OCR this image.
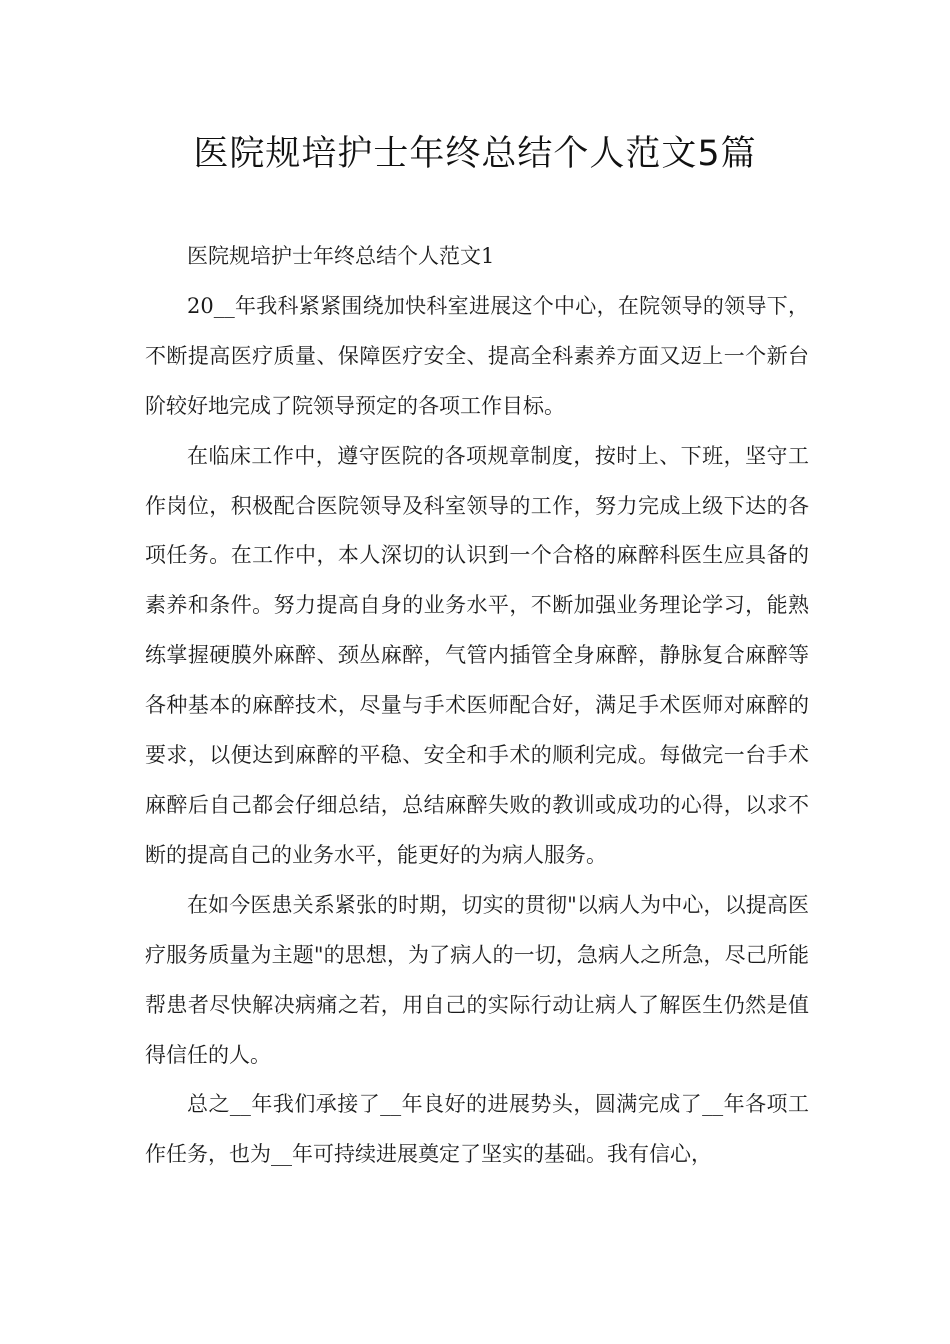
医院规培护士年终总结个人范文5篇

医院规培护士年终总结个人范文1

20__年我科紧紧围绕加快科室进展这个中心，在院领导的领导下，不断提高医疗质量、保障医疗安全、提高全科素养方面又迈上一个新台阶较好地完成了院领导预定的各项工作目标。

在临床工作中，遵守医院的各项规章制度，按时上、下班，坚守工作岗位，积极配合医院领导及科室领导的工作，努力完成上级下达的各项任务。在工作中，本人深切的认识到一个合格的麻醉科医生应具备的素养和条件。努力提高自身的业务水平，不断加强业务理论学习，能熟练掌握硬膜外麻醉、颈丛麻醉，气管内插管全身麻醉，静脉复合麻醉等各种基本的麻醉技术，尽量与手术医师配合好，满足手术医师对麻醉的要求，以便达到麻醉的平稳、安全和手术的顺利完成。每做完一台手术麻醉后自己都会仔细总结，总结麻醉失败的教训或成功的心得，以求不断的提高自己的业务水平，能更好的为病人服务。

在如今医患关系紧张的时期，切实的贯彻"以病人为中心，以提高医疗服务质量为主题"的思想，为了病人的一切，急病人之所急，尽己所能帮患者尽快解决病痛之若，用自己的实际行动让病人了解医生仍然是值得信任的人。

总之__年我们承接了__年良好的进展势头，圆满完成了__年各项工作任务，也为__年可持续进展奠定了坚实的基础。我有信心，
